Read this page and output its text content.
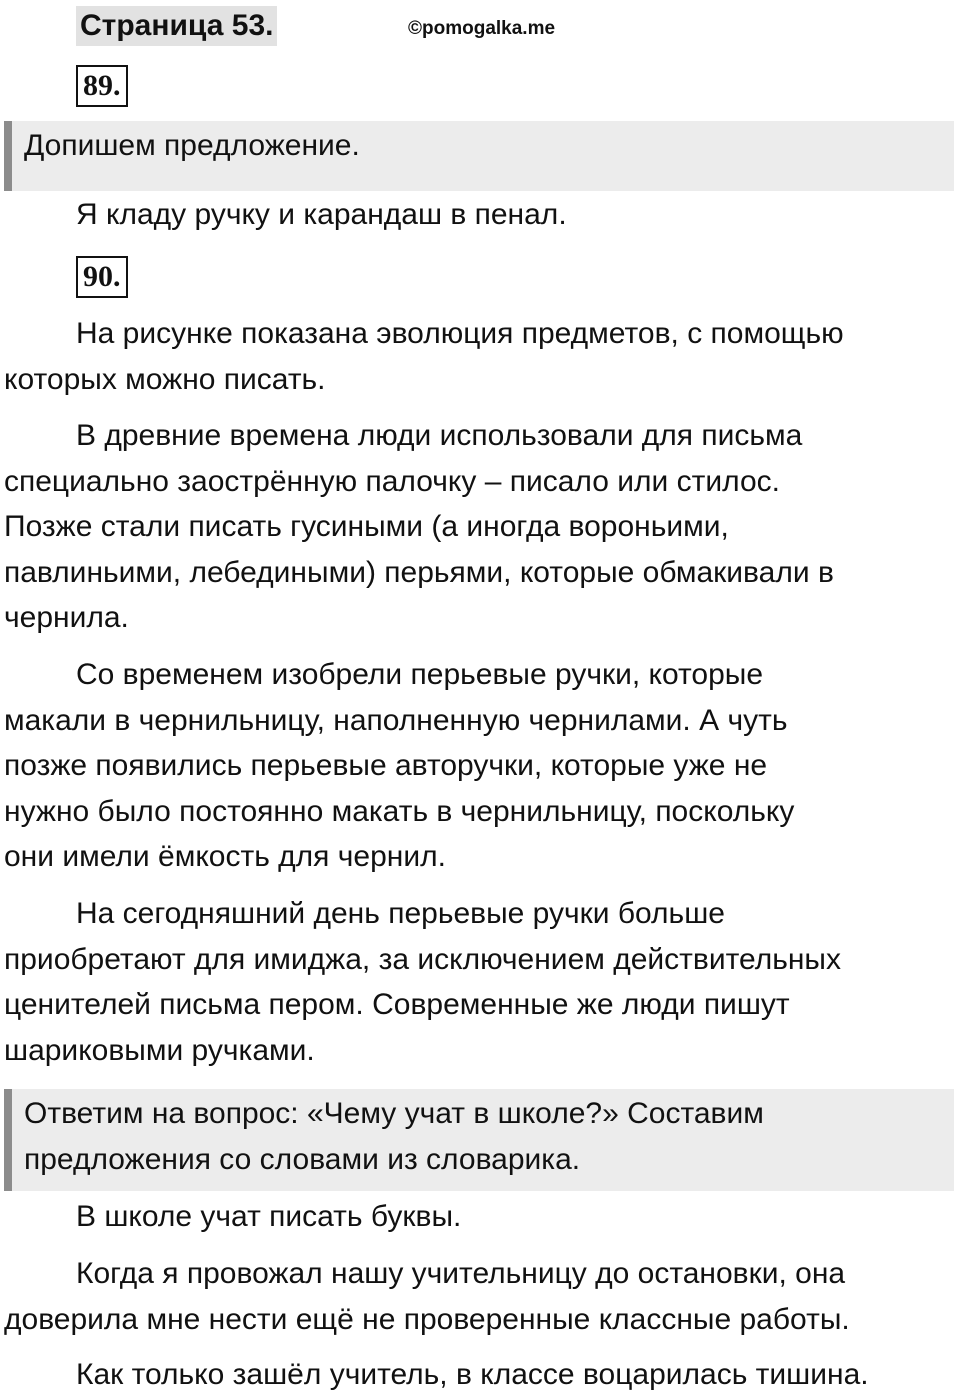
Страница 53.	©pomogalka.me
89.
Допишем предложение.

Я кладу ручку и карандаш в пенал.

90.

На рисунке показана эволюция предметов, с помощью
которых можно писать.

В древние времена люди использовали для письма
специально заострённую палочку – писало или стилос.
Позже стали писать гусиными (а иногда вороньими,
павлиньими, лебедиными) перьями, которые обмакивали в
чернила.

Со временем изобрели перьевые ручки, которые
макали в чернильницу, наполненную чернилами. А чуть
позже появились перьевые авторучки, которые уже не
нужно было постоянно макать в чернильницу, поскольку
они имели ёмкость для чернил.

На сегодняшний день перьевые ручки больше
приобретают для имиджа, за исключением действительных
ценителей письма пером. Современные же люди пишут
шариковыми ручками.

Ответим на вопрос: «Чему учат в школе?» Составим
предложения со словами из словарика.

В школе учат писать буквы.

Когда я провожал нашу учительницу до остановки, она
доверила мне нести ещё не проверенные классные работы.

Как только зашёл учитель, в классе воцарилась тишина.
